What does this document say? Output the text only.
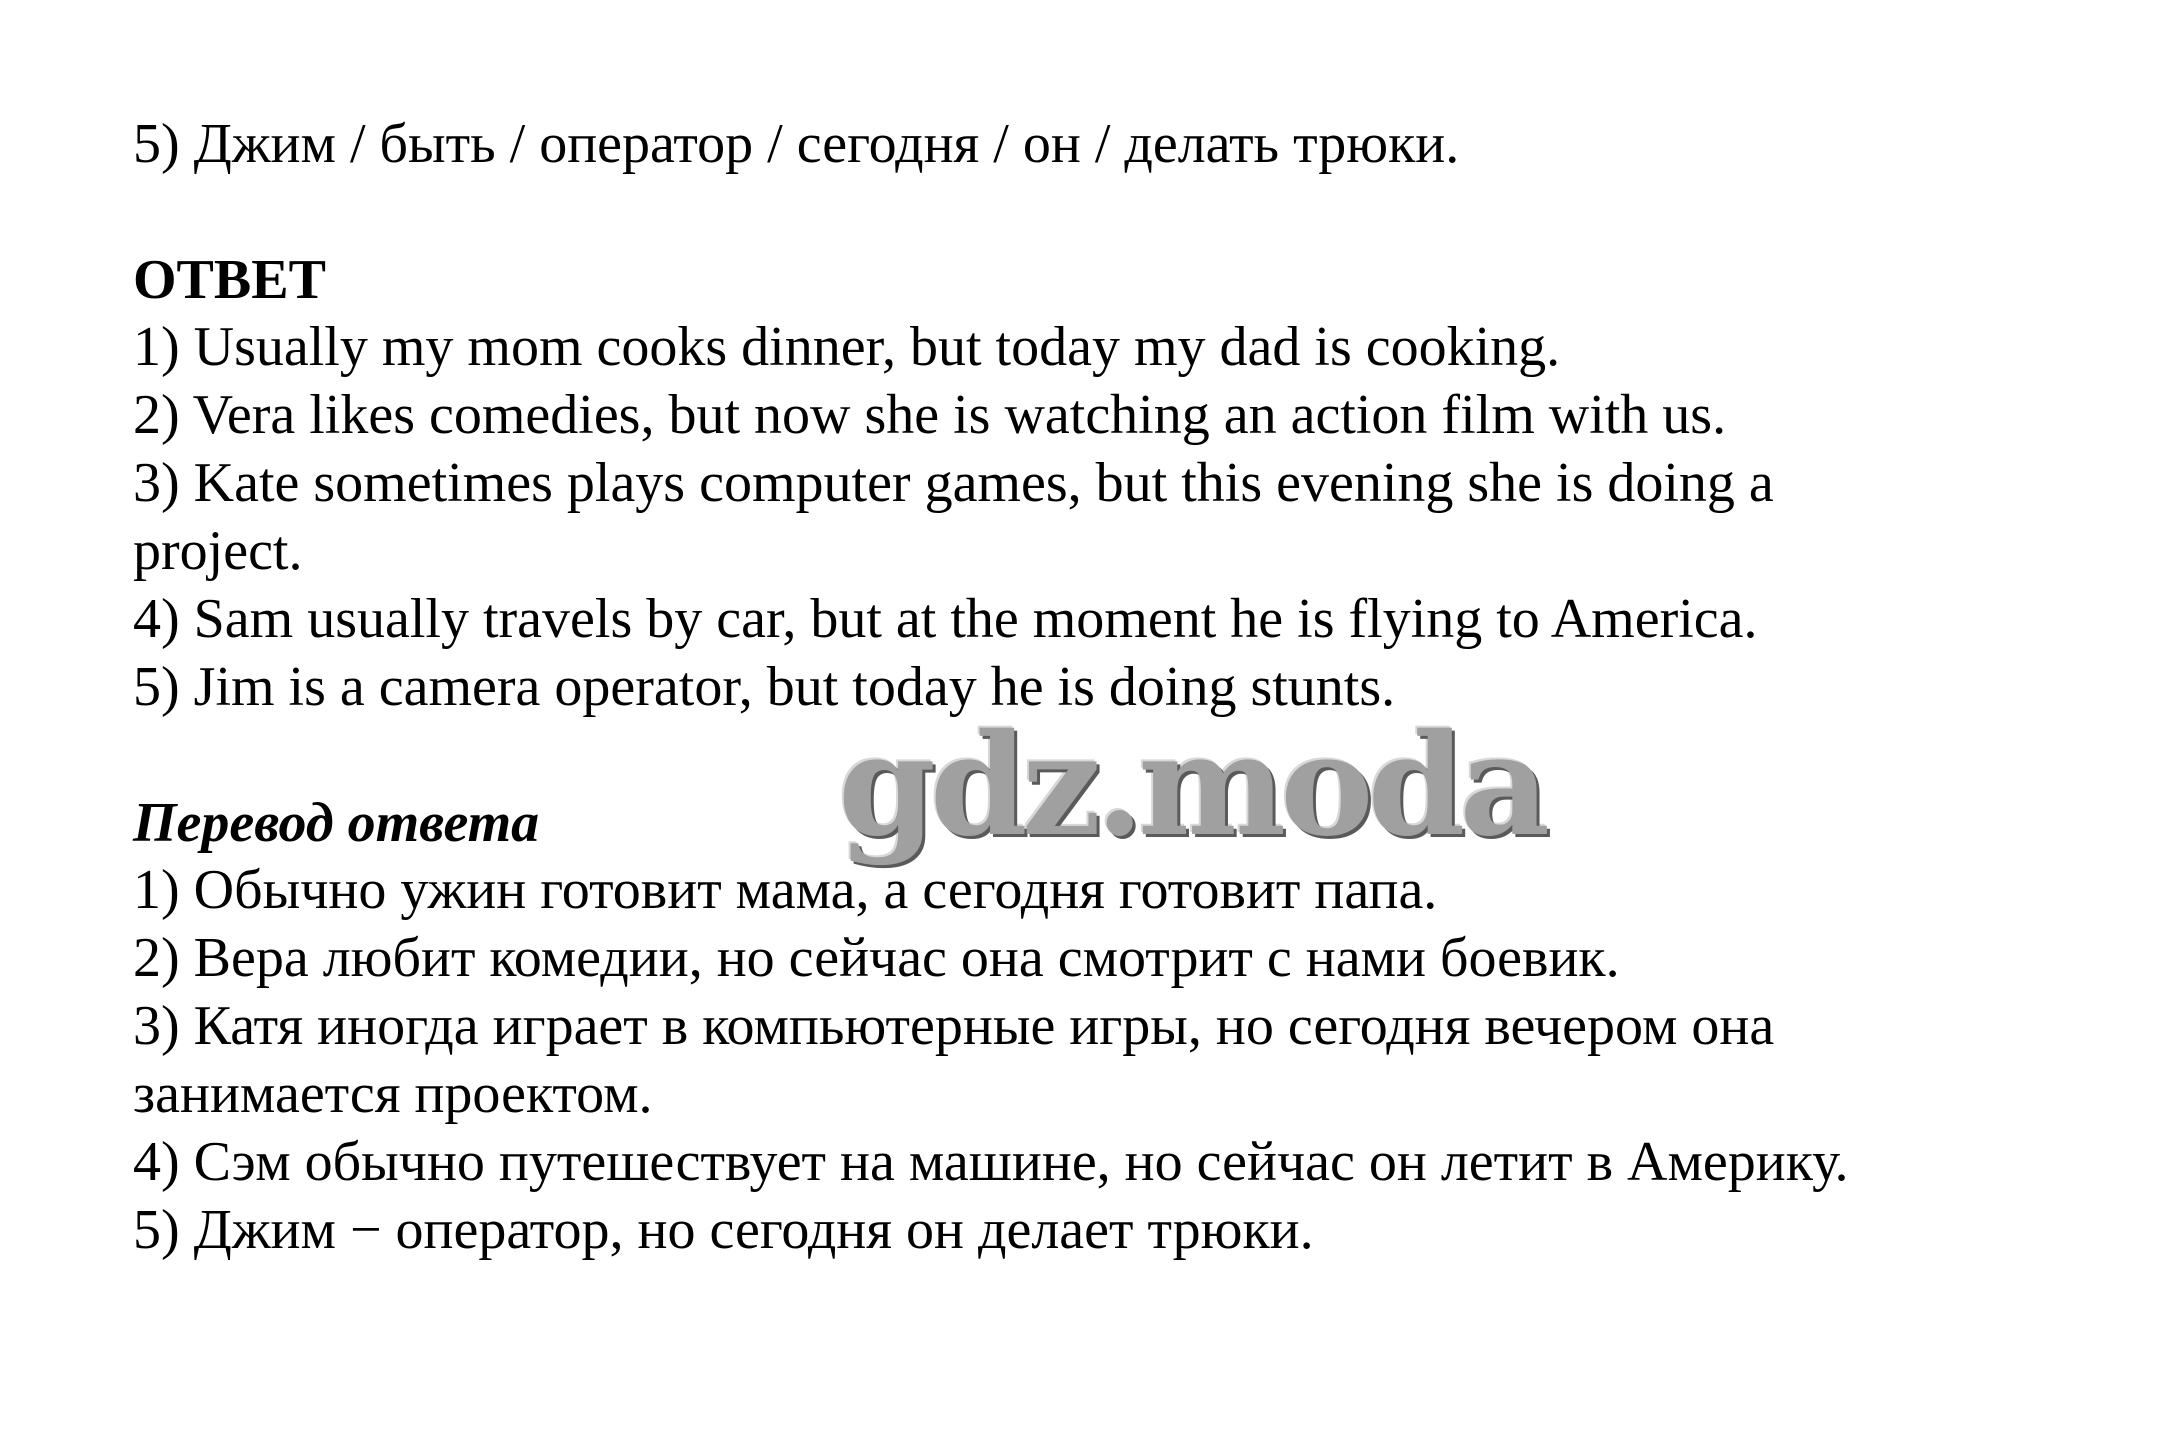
5) Джим / быть / оператор / сегодня / он / делать трюки.
ОТВЕТ
1) Usually my mom cooks dinner, but today my dad is cooking.
2) Vera likes comedies, but now she is watching an action film with us.
3) Kate sometimes plays computer games, but this evening she is doing a
project.
4) Sam usually travels by car, but at the moment he is flying to America.
5) Jim is a camera operator, but today he is doing stunts.
gdz.moda
Перевод ответа
1) Обычно ужин готовит мама, а сегодня готовит папа.
2) Вера любит комедии, но сейчас она смотрит с нами боевик.
3) Катя иногда играет в компьютерные игры, но сегодня вечером она
занимается проектом.
4) Сэм обычно путешествует на машине, но сейчас он летит в Америку.
5) Джим − оператор, но сегодня он делает трюки.
